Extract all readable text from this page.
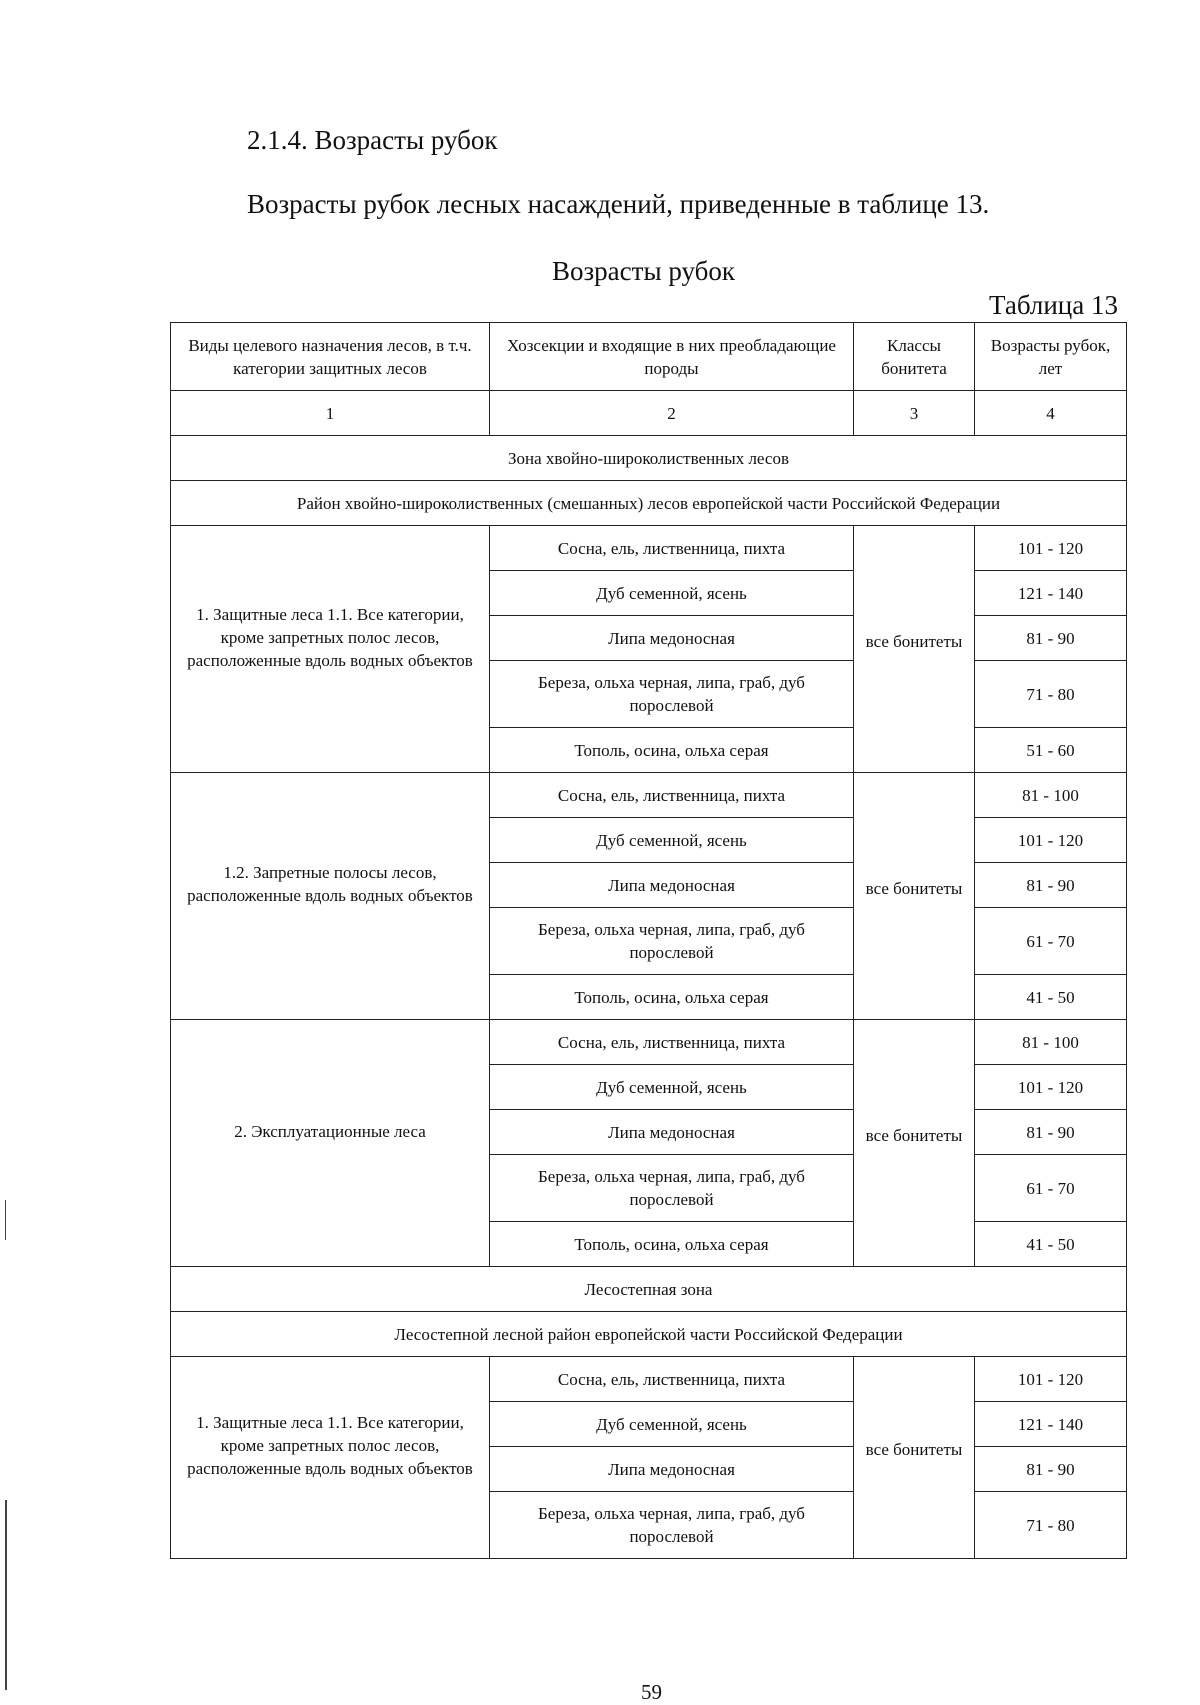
2.1.4. Возрасты рубок

Возрасты рубок лесных насаждений, приведенные в таблице 13.

Возрасты рубок
Таблица 13
Виды целевого назначения лесов, в т.ч. категории защитных лесов	Хозсекции и входящие в них преобладающие породы	Классы бонитета	Возрасты рубок, лет
1	2	3	4
Зона хвойно-широколиственных лесов			
Район хвойно-широколиственных (смешанных) лесов европейской части Российской Федерации			

1. Защитные леса 1.1. Все категории, кроме запретных полос лесов, расположенные вдоль водных объектов	Сосна, ель, лиственница, пихта	все бонитеты	101 - 120
	Дуб семенной, ясень		121 - 140
	Липа медоносная		81 - 90
	Береза, ольха черная, липа, граб, дуб порослевой		71 - 80
	Тополь, осина, ольха серая		51 - 60

1.2. Запретные полосы лесов, расположенные вдоль водных объектов	Сосна, ель, лиственница, пихта	все бонитеты	81 - 100
	Дуб семенной, ясень		101 - 120
	Липа медоносная		81 - 90
	Береза, ольха черная, липа, граб, дуб порослевой		61 - 70
	Тополь, осина, ольха серая		41 - 50

2. Эксплуатационные леса	Сосна, ель, лиственница, пихта	все бонитеты	81 - 100
	Дуб семенной, ясень		101 - 120
	Липа медоносная		81 - 90
	Береза, ольха черная, липа, граб, дуб порослевой		61 - 70
	Тополь, осина, ольха серая		41 - 50
Лесостепная зона			
Лесостепной лесной район европейской части Российской Федерации			

1. Защитные леса 1.1. Все категории, кроме запретных полос лесов, расположенные вдоль водных объектов	Сосна, ель, лиственница, пихта	все бонитеты	101 - 120
	Дуб семенной, ясень		121 - 140
	Липа медоносная		81 - 90
	Береза, ольха черная, липа, граб, дуб порослевой		71 - 80
59
